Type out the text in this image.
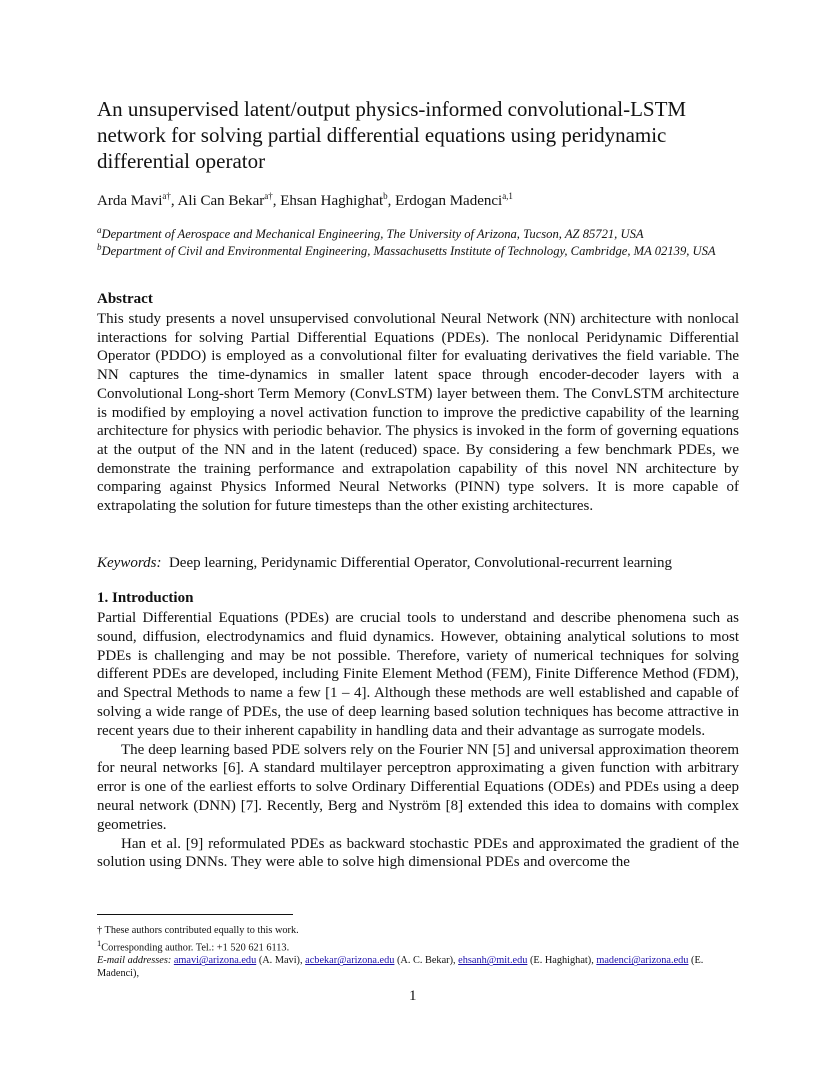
An unsupervised latent/output physics-informed convolutional-LSTM network for solving partial differential equations using peridynamic differential operator
Arda Mavi$^{a\dagger}$, Ali Can Bekar$^{a\dagger}$, Ehsan Haghighat$^b$, Erdogan Madenci$^{a,1}$
$^a$Department of Aerospace and Mechanical Engineering, The University of Arizona, Tucson, AZ 85721, USA
$^b$Department of Civil and Environmental Engineering, Massachusetts Institute of Technology, Cambridge, MA 02139, USA
Abstract
This study presents a novel unsupervised convolutional Neural Network (NN) architecture with nonlocal interactions for solving Partial Differential Equations (PDEs). The nonlocal Peridynamic Differential Operator (PDDO) is employed as a convolutional filter for evaluating derivatives the field variable. The NN captures the time-dynamics in smaller latent space through encoder-decoder layers with a Convolutional Long-short Term Memory (ConvLSTM) layer between them. The ConvLSTM architecture is modified by employing a novel activation function to improve the predictive capability of the learning architecture for physics with periodic behavior. The physics is invoked in the form of governing equations at the output of the NN and in the latent (reduced) space. By considering a few benchmark PDEs, we demonstrate the training performance and extrapolation capability of this novel NN architecture by comparing against Physics Informed Neural Networks (PINN) type solvers. It is more capable of extrapolating the solution for future timesteps than the other existing architectures.
Keywords: Deep learning, Peridynamic Differential Operator, Convolutional-recurrent learning
1. Introduction

Partial Differential Equations (PDEs) are crucial tools to understand and describe phenomena such as sound, diffusion, electrodynamics and fluid dynamics. However, obtaining analytical solutions to most PDEs is challenging and may be not possible. Therefore, variety of numerical techniques for solving different PDEs are developed, including Finite Element Method (FEM), Finite Difference Method (FDM), and Spectral Methods to name a few [1 – 4]. Although these methods are well established and capable of solving a wide range of PDEs, the use of deep learning based solution techniques has become attractive in recent years due to their inherent capability in handling data and their advantage as surrogate models.

The deep learning based PDE solvers rely on the Fourier NN [5] and universal approximation theorem for neural networks [6]. A standard multilayer perceptron approximating a given function with arbitrary error is one of the earliest efforts to solve Ordinary Differential Equations (ODEs) and PDEs using a deep neural network (DNN) [7]. Recently, Berg and Nyström [8] extended this idea to domains with complex geometries.

Han et al. [9] reformulated PDEs as backward stochastic PDEs and approximated the gradient of the solution using DNNs. They were able to solve high dimensional PDEs and overcome the

† These authors contributed equally to this work.
$^1$Corresponding author. Tel.: +1 520 621 6113.
E-mail addresses: amavi@arizona.edu (A. Mavi), acbekar@arizona.edu (A. C. Bekar), ehsanh@mit.edu (E. Haghighat), madenci@arizona.edu (E. Madenci),
1
